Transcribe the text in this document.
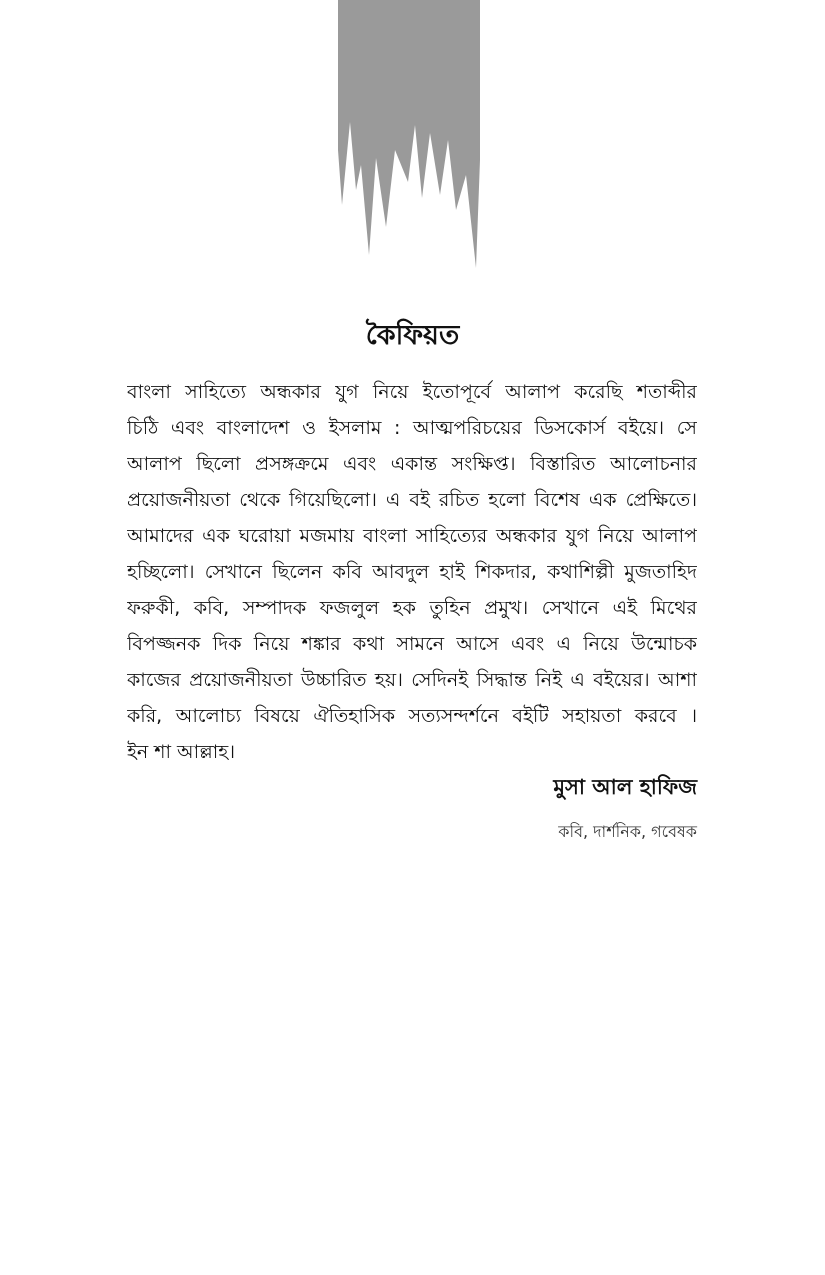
কৈফিয়ত
বাংলা সাহিত্যে অন্ধকার যুগ নিয়ে ইতোপূর্বে আলাপ করেছি শতাব্দীর
চিঠি এবং বাংলাদেশ ও ইসলাম : আত্মপরিচয়ের ডিসকোর্স বইয়ে। সে
আলাপ ছিলো প্রসঙ্গক্রমে এবং একান্ত সংক্ষিপ্ত। বিস্তারিত আলোচনার
প্রয়োজনীয়তা থেকে গিয়েছিলো। এ বই রচিত হলো বিশেষ এক প্রেক্ষিতে।
আমাদের এক ঘরোয়া মজমায় বাংলা সাহিত্যের অন্ধকার যুগ নিয়ে আলাপ
হচ্ছিলো। সেখানে ছিলেন কবি আবদুল হাই শিকদার, কথাশিল্পী মুজতাহিদ
ফরুকী, কবি, সম্পাদক ফজলুল হক তুহিন প্রমুখ। সেখানে এই মিথের
বিপজ্জনক দিক নিয়ে শঙ্কার কথা সামনে আসে এবং এ নিয়ে উন্মোচক
কাজের প্রয়োজনীয়তা উচ্চারিত হয়। সেদিনই সিদ্ধান্ত নিই এ বইয়ের। আশা
করি, আলোচ্য বিষয়ে ঐতিহাসিক সত্যসন্দর্শনে বইটি সহায়তা করবে ।
ইন শা আল্লাহ।

মুসা আল হাফিজ

কবি, দার্শনিক, গবেষক
